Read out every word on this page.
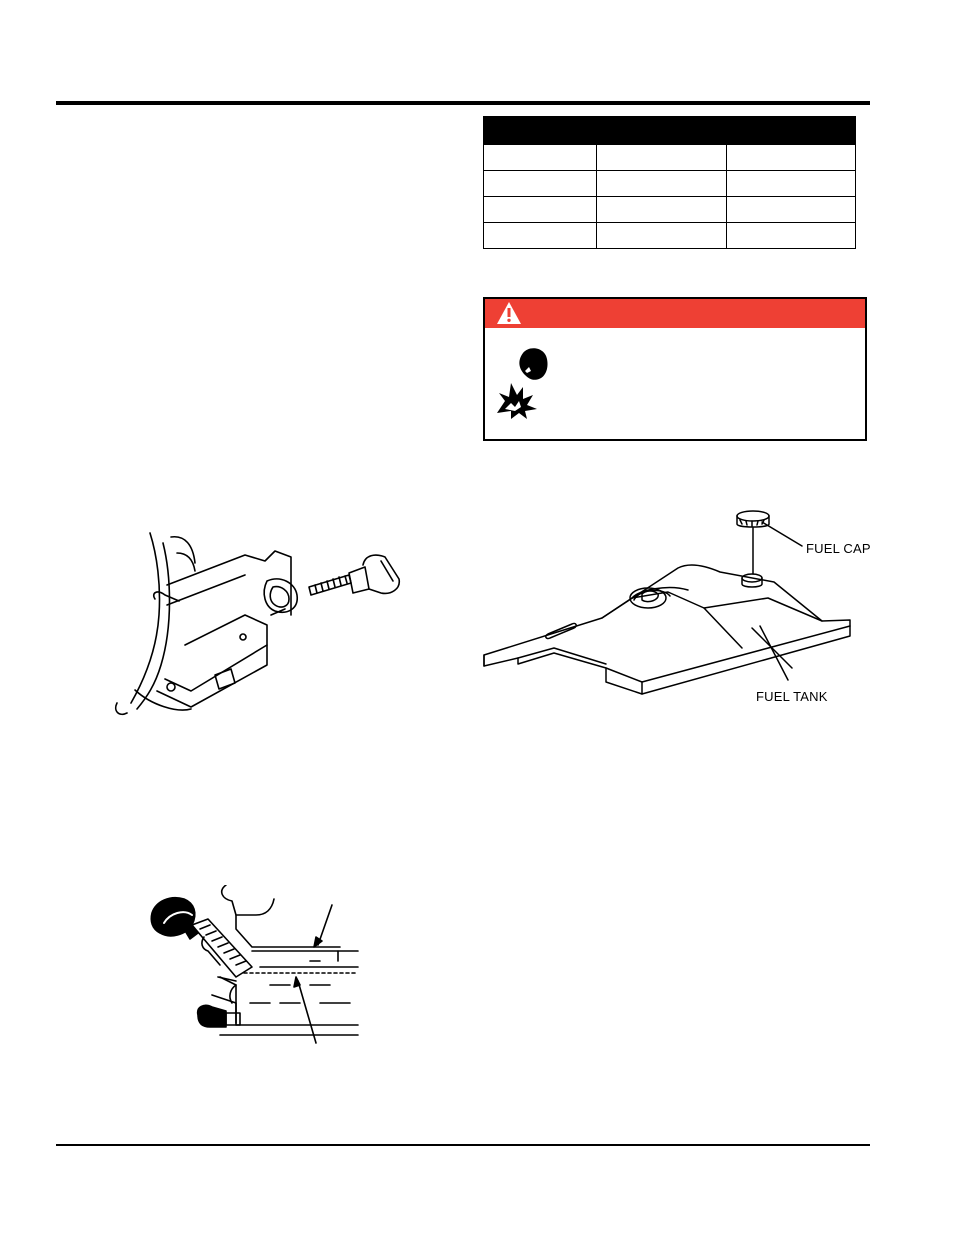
FUEL CAP
FUEL TANK
